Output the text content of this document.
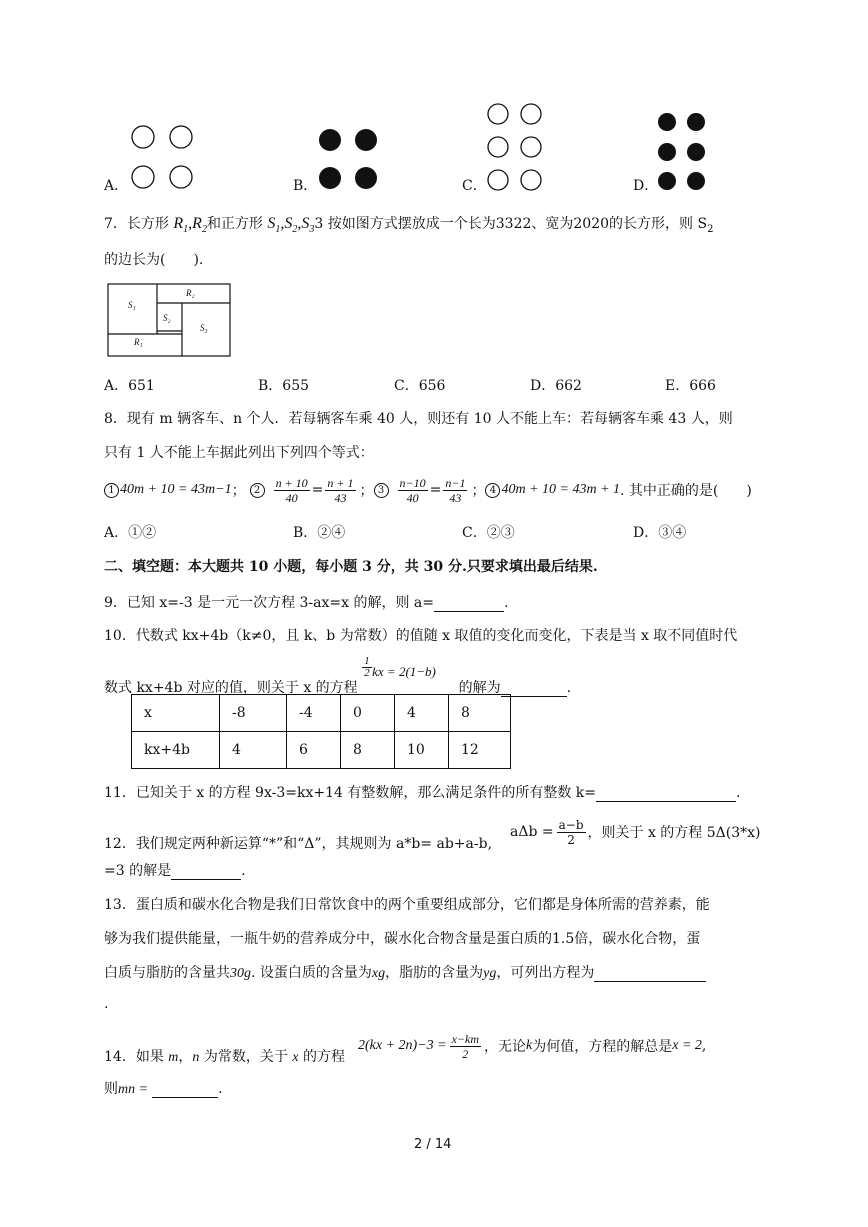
A．	B．	C．	D．
7．长方形 $R_1,R_2$和正方形 $S_1,S_2,S_33$ 按如图方式摆放成一个长为3322、宽为2020的长方形，则 $S_2$
的边长为(　　).
S₁
R₂
S₂
S₃
R₁
A．651	B．655	C．656	D．662	E．666
8．现有 m 辆客车、n 个人．若每辆客车乘 40 人，则还有 10 人不能上车：若每辆客车乘 43 人，则
只有 1 人不能上车据此列出下列四个等式：
1 40m + 10 = 43m−1 ； 2	$\frac{n + 10}{40} = \frac{n + 1}{43}$ ； 3	$\frac{n-10}{40} = \frac{n-1}{43}$ ； 4 40m + 10 = 43m + 1 . 其中正确的是(　　)
A．①②	B．②④	C．②③	D．③④
二、填空题：本大题共 10 小题，每小题 3 分，共 30 分.只要求填出最后结果.
9．已知 x=-3 是一元一次方程 3-ax=x 的解，则 a=	.
10．代数式 kx+4b（k≠0，且 k、b 为常数）的值随 x 取值的变化而变化，下表是当 x 取不同值时代
数式 kx+4b 对应的值，则关于 x 的方程
$\frac{1}{2}$ kx = 2(1−b)
的解为	.
x	-8	-4	0	4	8
kx+4b	4	6	8	10	12
11．已知关于 x 的方程 9x-3=kx+14 有整数解，那么满足条件的所有整数 k=	.
12．我们规定两种新运算“*”和“Δ”，其规则为 a*b= ab+a-b,
$a\Delta b = \frac{a-b}{2}$ ，则关于 x 的方程 5Δ(3*x)
=3 的解是	.
13．蛋白质和碳水化合物是我们日常饮食中的两个重要组成部分，它们都是身体所需的营养素，能
够为我们提供能量，一瓶牛奶的营养成分中，碳水化合物含量是蛋白质的1.5倍，碳水化合物，蛋
白质与脂肪的含量共30g. 设蛋白质的含量为xg，脂肪的含量为yg，可列出方程为
.
14．如果 m，n 为常数，关于 x 的方程
$2(kx + 2n)-3 = \frac{x-km}{2}$ ，无论 k 为何值，方程的解总是 x = 2 ,
则mn =	.
2 / 14
